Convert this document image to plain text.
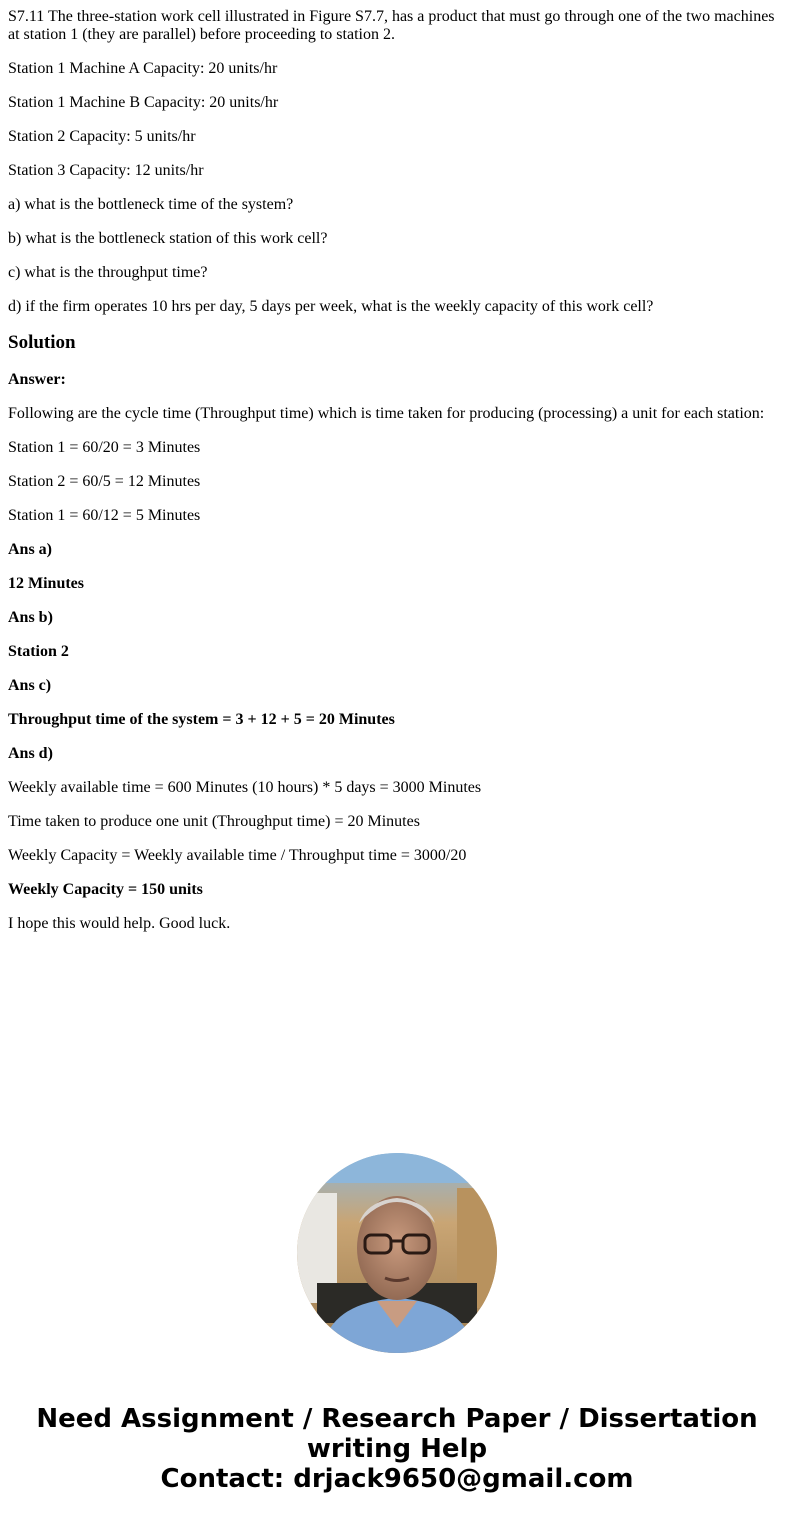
S7.11 The three-station work cell illustrated in Figure S7.7, has a product that must go through one of the two machines at station 1 (they are parallel) before proceeding to station 2.

Station 1 Machine A Capacity: 20 units/hr

Station 1 Machine B Capacity: 20 units/hr

Station 2 Capacity: 5 units/hr

Station 3 Capacity: 12 units/hr

a) what is the bottleneck time of the system?

b) what is the bottleneck station of this work cell?

c) what is the throughput time?

d) if the firm operates 10 hrs per day, 5 days per week, what is the weekly capacity of this work cell?

Solution

Answer:

Following are the cycle time (Throughput time) which is time taken for producing (processing) a unit for each station:

Station 1 = 60/20 = 3 Minutes

Station 2 = 60/5 = 12 Minutes

Station 1 = 60/12 = 5 Minutes

Ans a)

12 Minutes

Ans b)

Station 2

Ans c)

Throughput time of the system = 3 + 12 + 5 = 20 Minutes

Ans d)

Weekly available time = 600 Minutes (10 hours) * 5 days = 3000 Minutes

Time taken to produce one unit (Throughput time) = 20 Minutes

Weekly Capacity = Weekly available time / Throughput time = 3000/20

Weekly Capacity = 150 units

I hope this would help. Good luck.

Need Assignment / Research Paper / Dissertation
writing Help
Contact: drjack9650@gmail.com
